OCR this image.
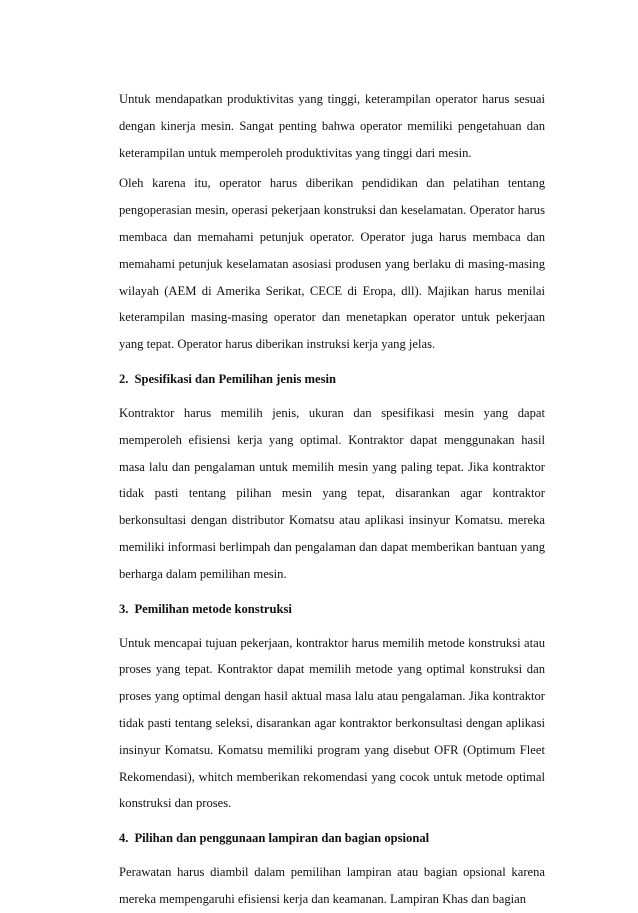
Untuk mendapatkan produktivitas yang tinggi, keterampilan operator harus sesuai dengan kinerja mesin. Sangat penting bahwa operator memiliki pengetahuan dan keterampilan untuk memperoleh produktivitas yang tinggi dari mesin.

Oleh karena itu, operator harus diberikan pendidikan dan pelatihan tentang pengoperasian mesin, operasi pekerjaan konstruksi dan keselamatan. Operator harus membaca dan memahami petunjuk operator. Operator juga harus membaca dan memahami petunjuk keselamatan asosiasi produsen yang berlaku di masing-masing wilayah (AEM di Amerika Serikat, CECE di Eropa, dll). Majikan harus menilai keterampilan masing-masing operator dan menetapkan operator untuk pekerjaan yang tepat. Operator harus diberikan instruksi kerja yang jelas.

2. Spesifikasi dan Pemilihan jenis mesin

Kontraktor harus memilih jenis, ukuran dan spesifikasi mesin yang dapat memperoleh efisiensi kerja yang optimal. Kontraktor dapat menggunakan hasil masa lalu dan pengalaman untuk memilih mesin yang paling tepat. Jika kontraktor tidak pasti tentang pilihan mesin yang tepat, disarankan agar kontraktor berkonsultasi dengan distributor Komatsu atau aplikasi insinyur Komatsu. mereka memiliki informasi berlimpah dan pengalaman dan dapat memberikan bantuan yang berharga dalam pemilihan mesin.

3. Pemilihan metode konstruksi

Untuk mencapai tujuan pekerjaan, kontraktor harus memilih metode konstruksi atau proses yang tepat. Kontraktor dapat memilih metode yang optimal konstruksi dan proses yang optimal dengan hasil aktual masa lalu atau pengalaman. Jika kontraktor tidak pasti tentang seleksi, disarankan agar kontraktor berkonsultasi dengan aplikasi insinyur Komatsu. Komatsu memiliki program yang disebut OFR (Optimum Fleet Rekomendasi), whitch memberikan rekomendasi yang cocok untuk metode optimal konstruksi dan proses.

4. Pilihan dan penggunaan lampiran dan bagian opsional

Perawatan harus diambil dalam pemilihan lampiran atau bagian opsional karena mereka mempengaruhi efisiensi kerja dan keamanan. Lampiran Khas dan bagian
